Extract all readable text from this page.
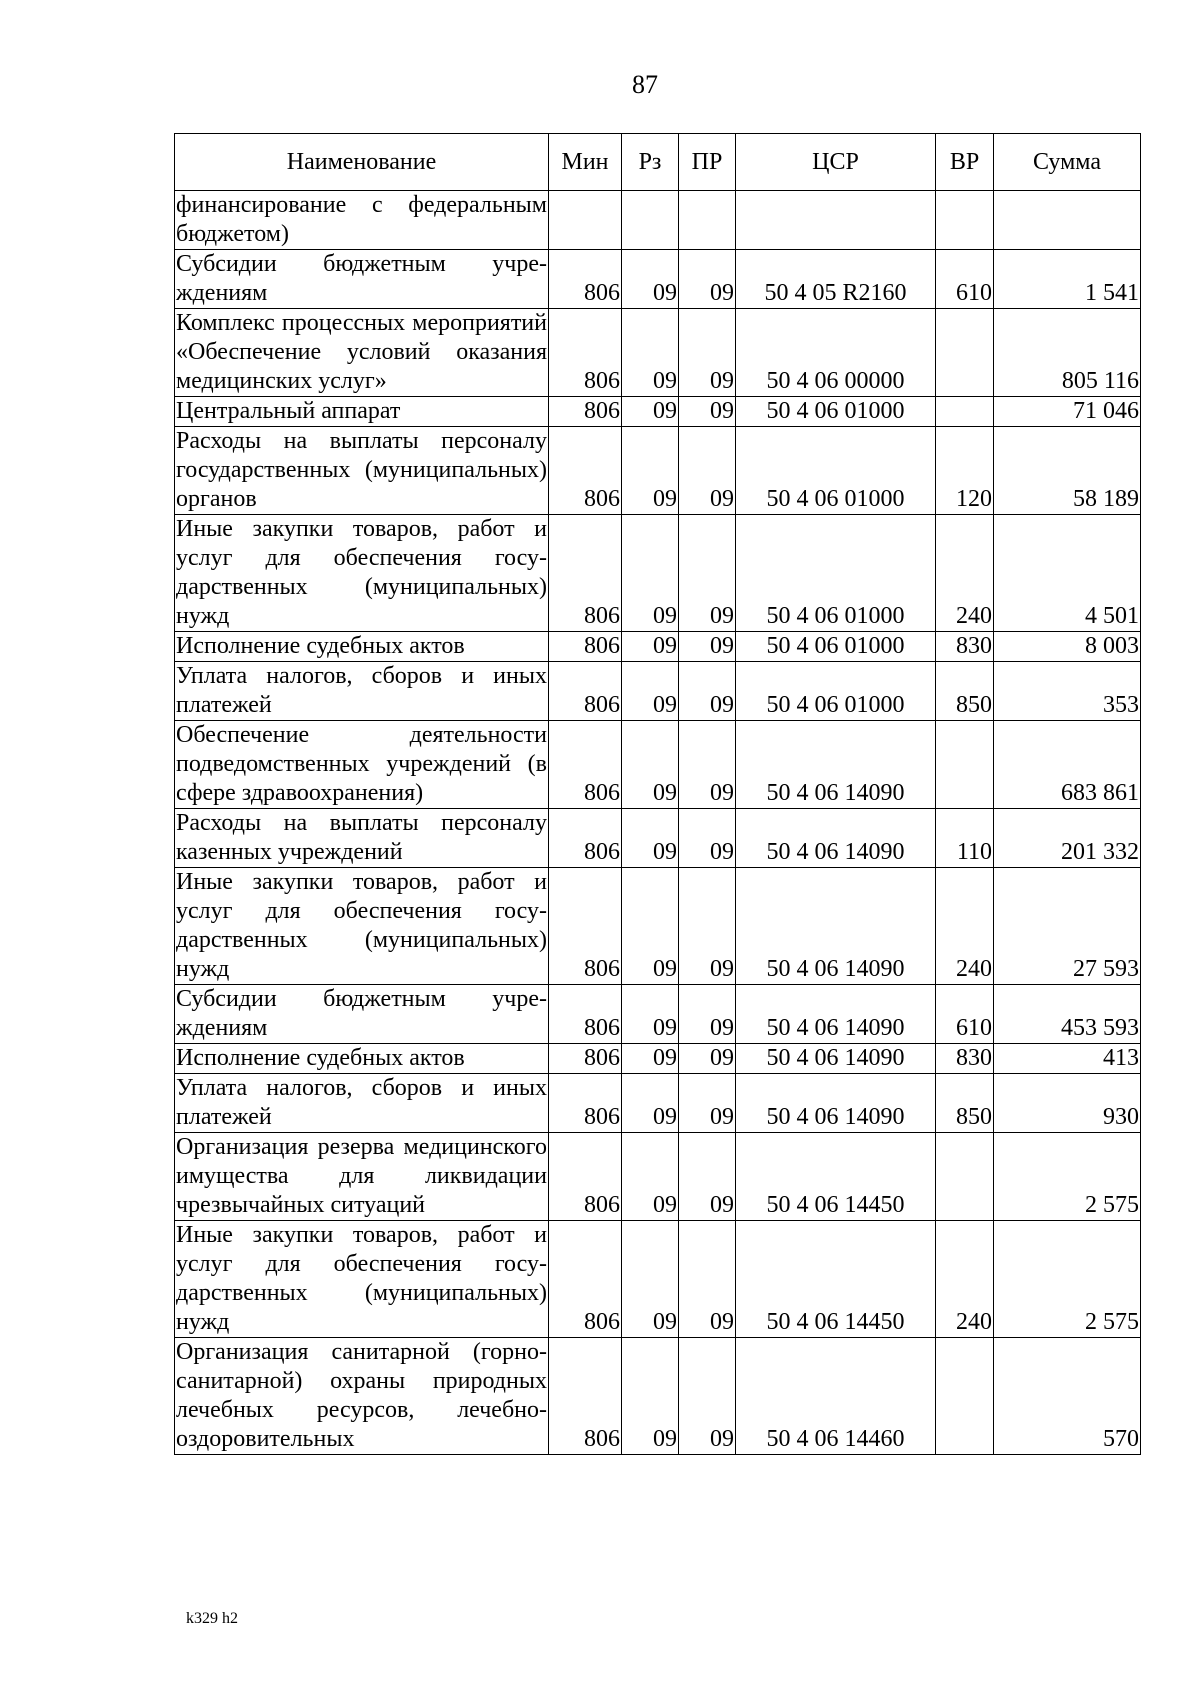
87
Наименование	Мин	Рз	ПР	ЦСР	ВР	Сумма
финансирование с федеральным бюджетом)						
Субсидии бюджетным учреждениям	806	09	09	50 4 05 R2160	610	1 541
Комплекс процессных мероприятий «Обеспечение условий оказания медицинских услуг»	806	09	09	50 4 06 00000		805 116
Центральный аппарат	806	09	09	50 4 06 01000		71 046
Расходы на выплаты персоналу государственных (муниципальных) органов	806	09	09	50 4 06 01000	120	58 189
Иные закупки товаров, работ и услуг для обеспечения государственных (муниципальных) нужд	806	09	09	50 4 06 01000	240	4 501
Исполнение судебных актов	806	09	09	50 4 06 01000	830	8 003
Уплата налогов, сборов и иных платежей	806	09	09	50 4 06 01000	850	353
Обеспечение деятельности подведомственных учреждений (в сфере здравоохранения)	806	09	09	50 4 06 14090		683 861
Расходы на выплаты персоналу казенных учреждений	806	09	09	50 4 06 14090	110	201 332
Иные закупки товаров, работ и услуг для обеспечения государственных (муниципальных) нужд	806	09	09	50 4 06 14090	240	27 593
Субсидии бюджетным учреждениям	806	09	09	50 4 06 14090	610	453 593
Исполнение судебных актов	806	09	09	50 4 06 14090	830	413
Уплата налогов, сборов и иных платежей	806	09	09	50 4 06 14090	850	930
Организация резерва медицинского имущества для ликвидации чрезвычайных ситуаций	806	09	09	50 4 06 14450		2 575
Иные закупки товаров, работ и услуг для обеспечения государственных (муниципальных) нужд	806	09	09	50 4 06 14450	240	2 575
Организация санитарной (горно-санитарной) охраны природных лечебных ресурсов, лечебно-оздоровительных	806	09	09	50 4 06 14460		570
k329 h2
